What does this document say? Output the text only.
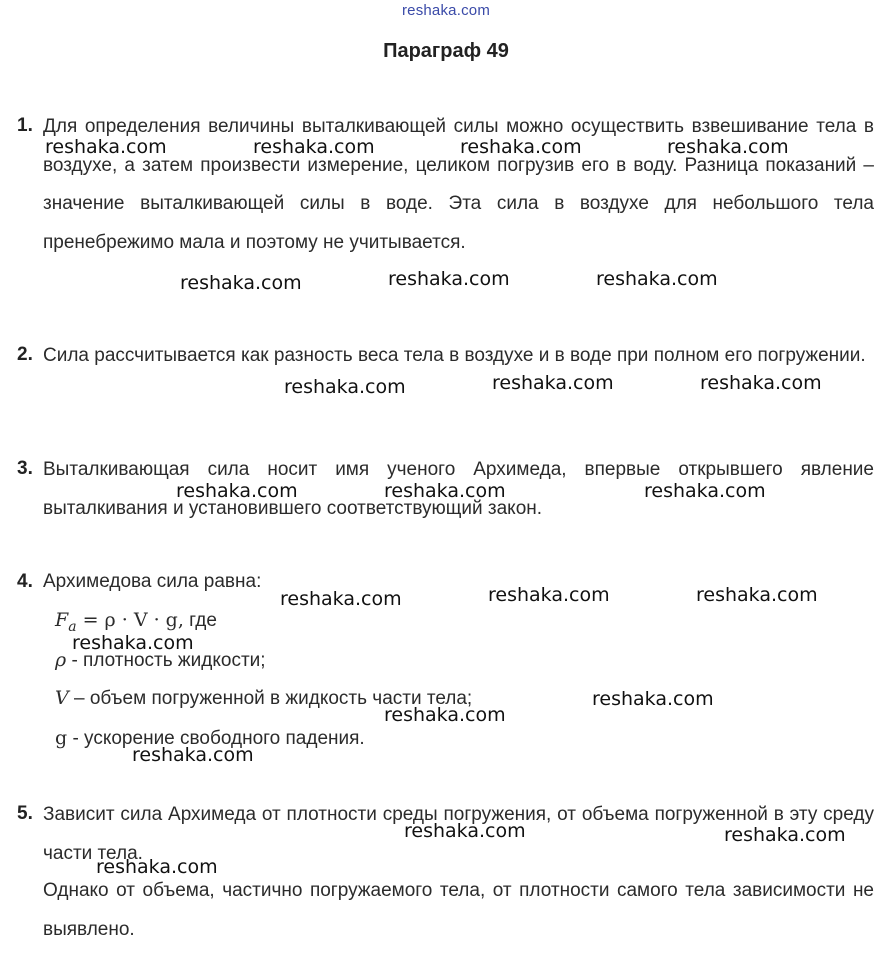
reshaka.com
Параграф 49
1. Для определения величины выталкивающей силы можно осуществить взвешивание тела в воздухе, а затем произвести измерение, целиком погрузив его в воду. Разница показаний – значение выталкивающей силы в воде. Эта сила в воздухе для небольшого тела пренебрежимо мала и поэтому не учитывается.
2. Сила рассчитывается как разность веса тела в воздухе и в воде при полном его погружении.
3. Выталкивающая сила носит имя ученого Архимеда, впервые открывшего явление выталкивания и установившего соответствующий закон.
4. Архимедова сила равна:
$F_a = \rho \cdot V \cdot g$, где
ρ - плотность жидкости;
V – объем погруженной в жидкость части тела;
g - ускорение свободного падения.
5. Зависит сила Архимеда от плотности среды погружения, от объема погруженной в эту среду части тела.
Однако от объема, частично погружаемого тела, от плотности самого тела зависимости не выявлено.
reshaka.com	reshaka.com	reshaka.com	reshaka.com
reshaka.com	reshaka.com	reshaka.com
reshaka.com	reshaka.com	reshaka.com
reshaka.com	reshaka.com	reshaka.com
reshaka.com	reshaka.com	reshaka.com
reshaka.com
reshaka.com
reshaka.com
reshaka.com
reshaka.com	reshaka.com
reshaka.com
